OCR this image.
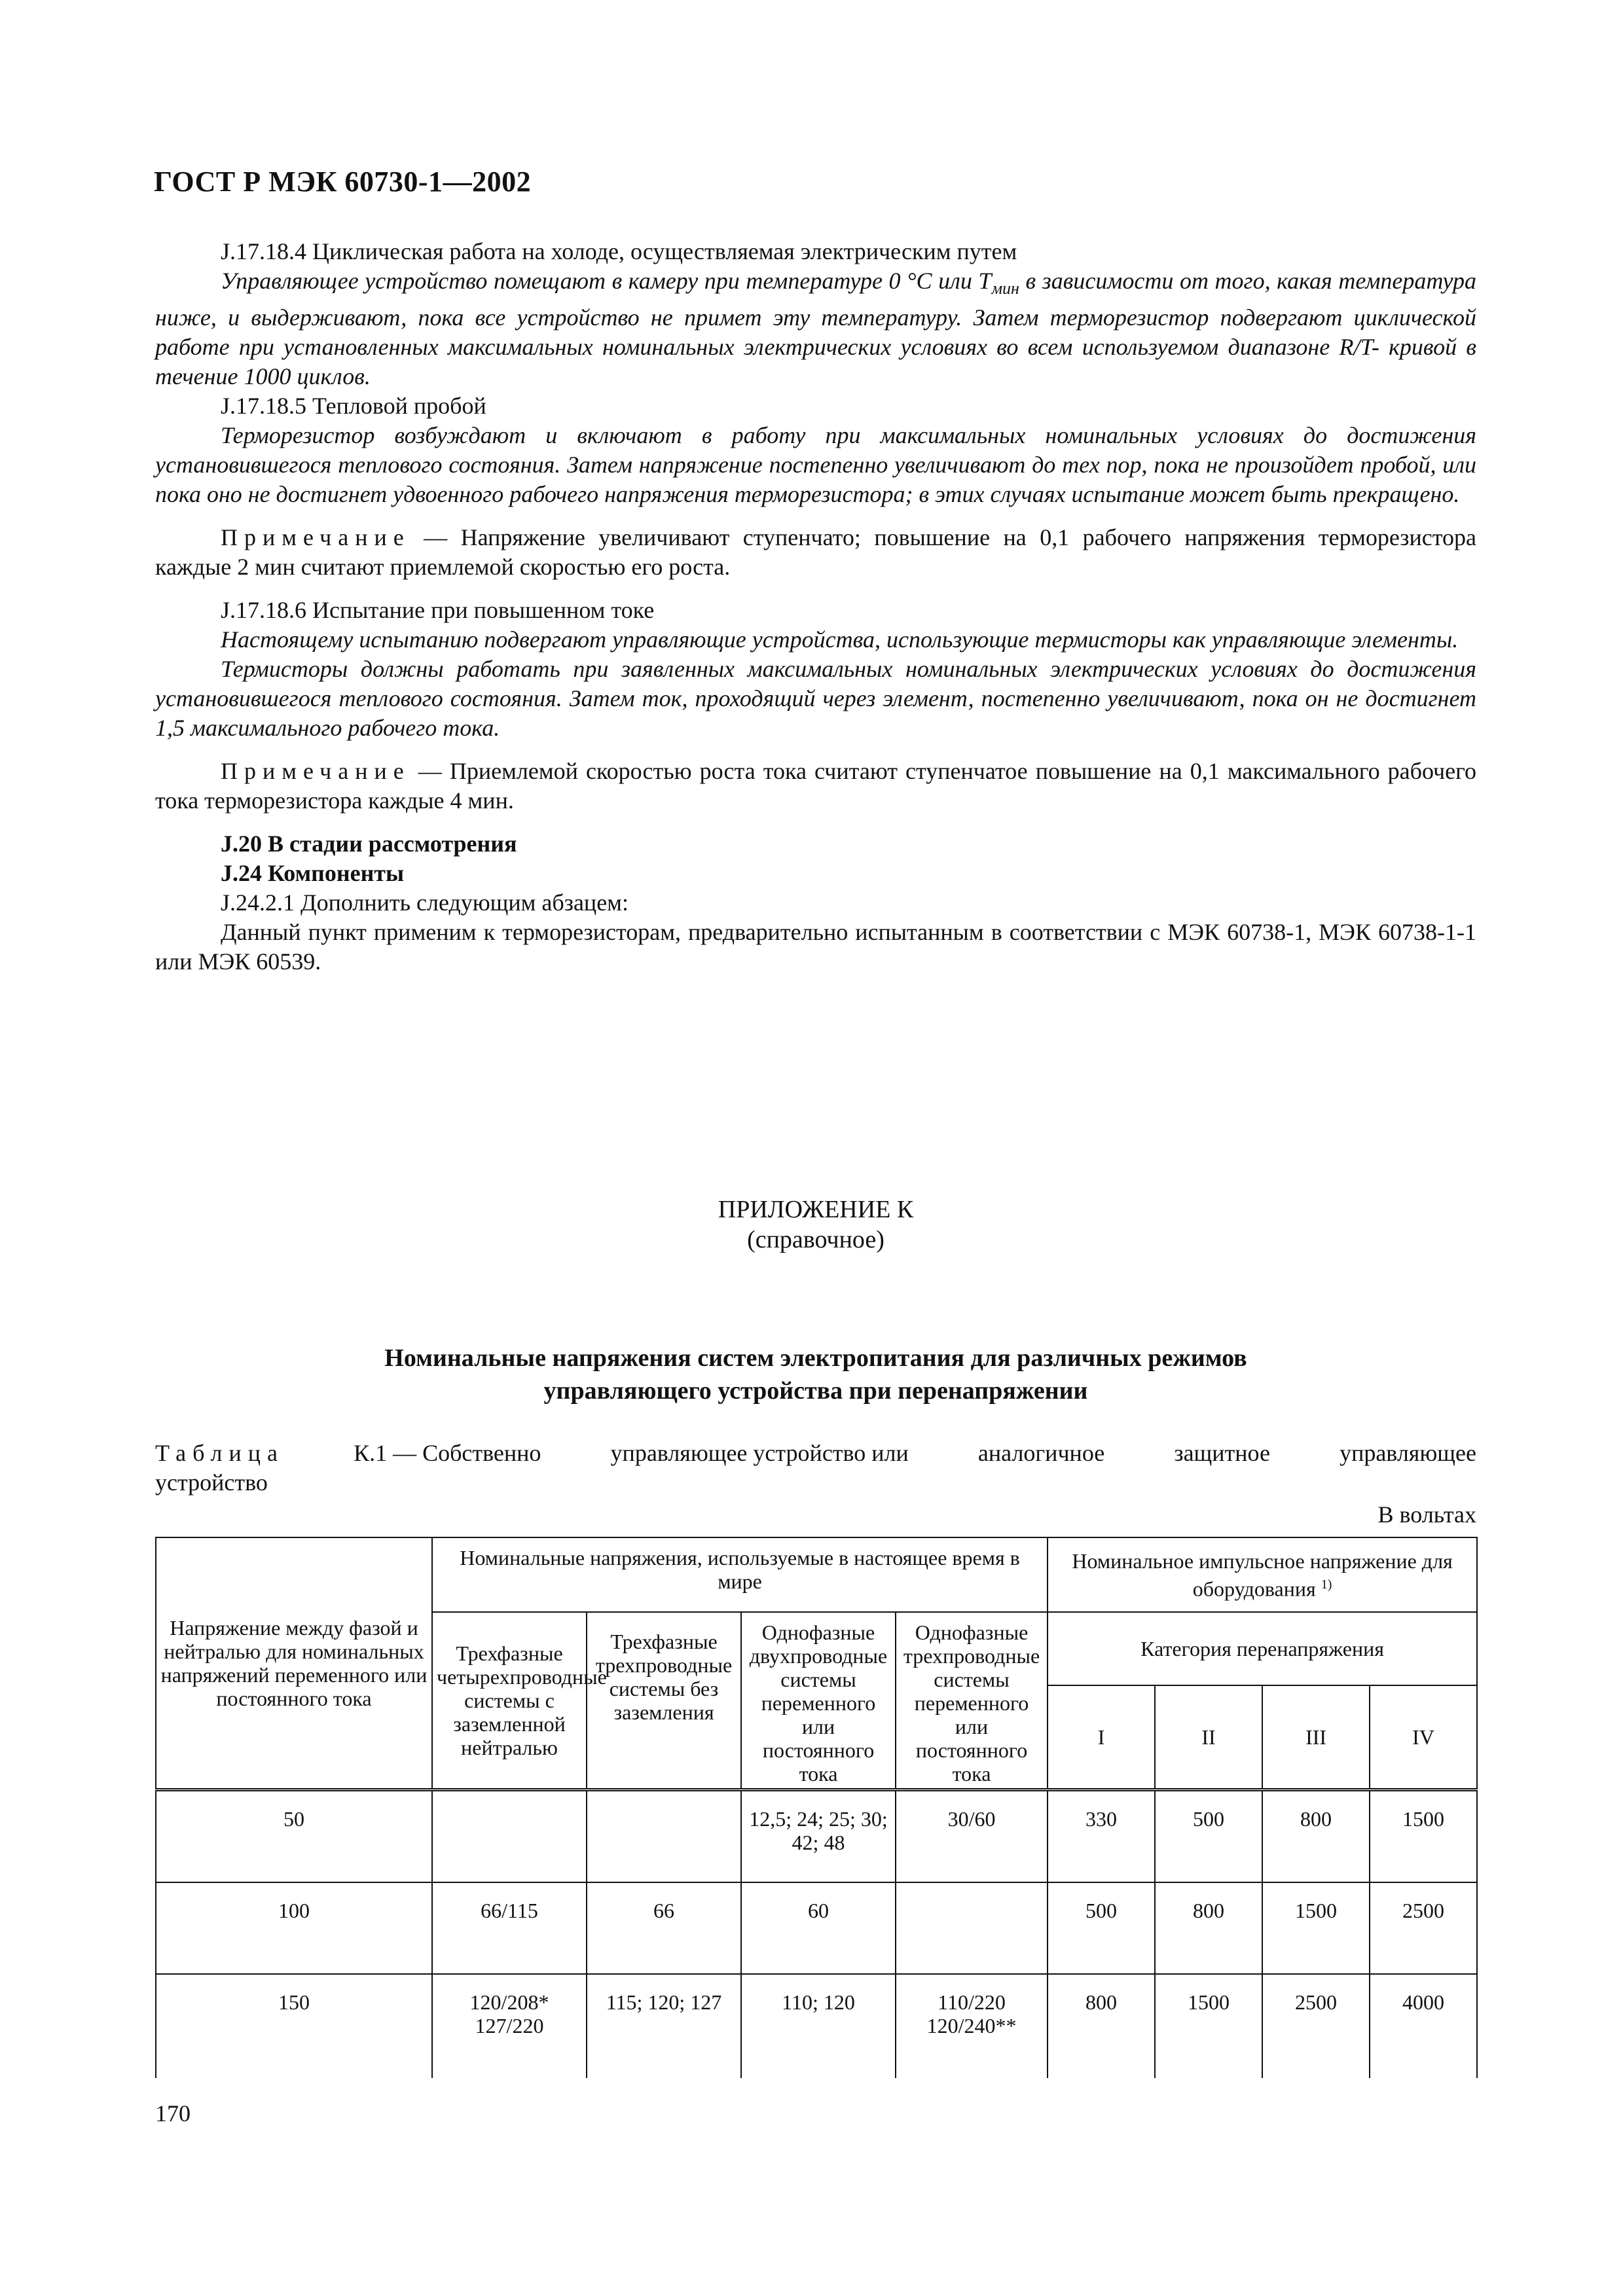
ГОСТ Р МЭК 60730-1—2002

J.17.18.4 Циклическая работа на холоде, осуществляемая электрическим путем

Управляющее устройство помещают в камеру при температуре 0 °С или $T_{мин}$ в зависимости от того, какая температура ниже, и выдерживают, пока все устройство не примет эту температуру. Затем терморезистор подвергают циклической работе при установленных максимальных номинальных электрических условиях во всем используемом диапазоне R/T- кривой в течение 1000 циклов.

J.17.18.5 Тепловой пробой

Терморезистор возбуждают и включают в работу при максимальных номинальных условиях до достижения установившегося теплового состояния. Затем напряжение постепенно увеличивают до тех пор, пока не произойдет пробой, или пока оно не достигнет удвоенного рабочего напряжения терморезистора; в этих случаях испытание может быть прекращено.

Примечание — Напряжение увеличивают ступенчато; повышение на 0,1 рабочего напряжения терморезистора каждые 2 мин считают приемлемой скоростью его роста.

J.17.18.6 Испытание при повышенном токе

Настоящему испытанию подвергают управляющие устройства, использующие термисторы как управляющие элементы.

Термисторы должны работать при заявленных максимальных номинальных электрических условиях до достижения установившегося теплового состояния. Затем ток, проходящий через элемент, постепенно увеличивают, пока он не достигнет 1,5 максимального рабочего тока.

Примечание — Приемлемой скоростью роста тока считают ступенчатое повышение на 0,1 максимального рабочего тока терморезистора каждые 4 мин.

J.20 В стадии рассмотрения

J.24 Компоненты

J.24.2.1 Дополнить следующим абзацем:

Данный пункт применим к терморезисторам, предварительно испытанным в соответствии с МЭК 60738-1, МЭК 60738-1-1 или МЭК 60539.

ПРИЛОЖЕНИЕ К
(справочное)
Номинальные напряжения систем электропитания для различных режимов
управляющего устройства при перенапряжении
Таблица	К.1 — Собственно	управляющее устройство или	аналогичное	защитное	управляющее
устройство
В вольтах
Напряжение между фазой и нейтралью для номинальных напряжений переменного или постоянного тока	Номинальные напряжения, используемые в настоящее время в мире				Номинальное импульсное напряжение для оборудования $^{1)}$
	Трехфазные четырехпроводные системы с заземленной нейтралью	Трехфазные трехпроводные системы без заземления	Однофазные двухпроводные системы переменного или постоянного тока	Однофазные трехпроводные системы переменного или постоянного тока	Категория перенапряжения			
					I	II	III	IV
50			12,5; 24; 25; 30; 42; 48	30/60	330	500	800	1500
100	66/115	66	60		500	800	1500	2500
150	120/208* 127/220	115; 120; 127	110; 120	110/220 120/240**	800	1500	2500	4000
170
